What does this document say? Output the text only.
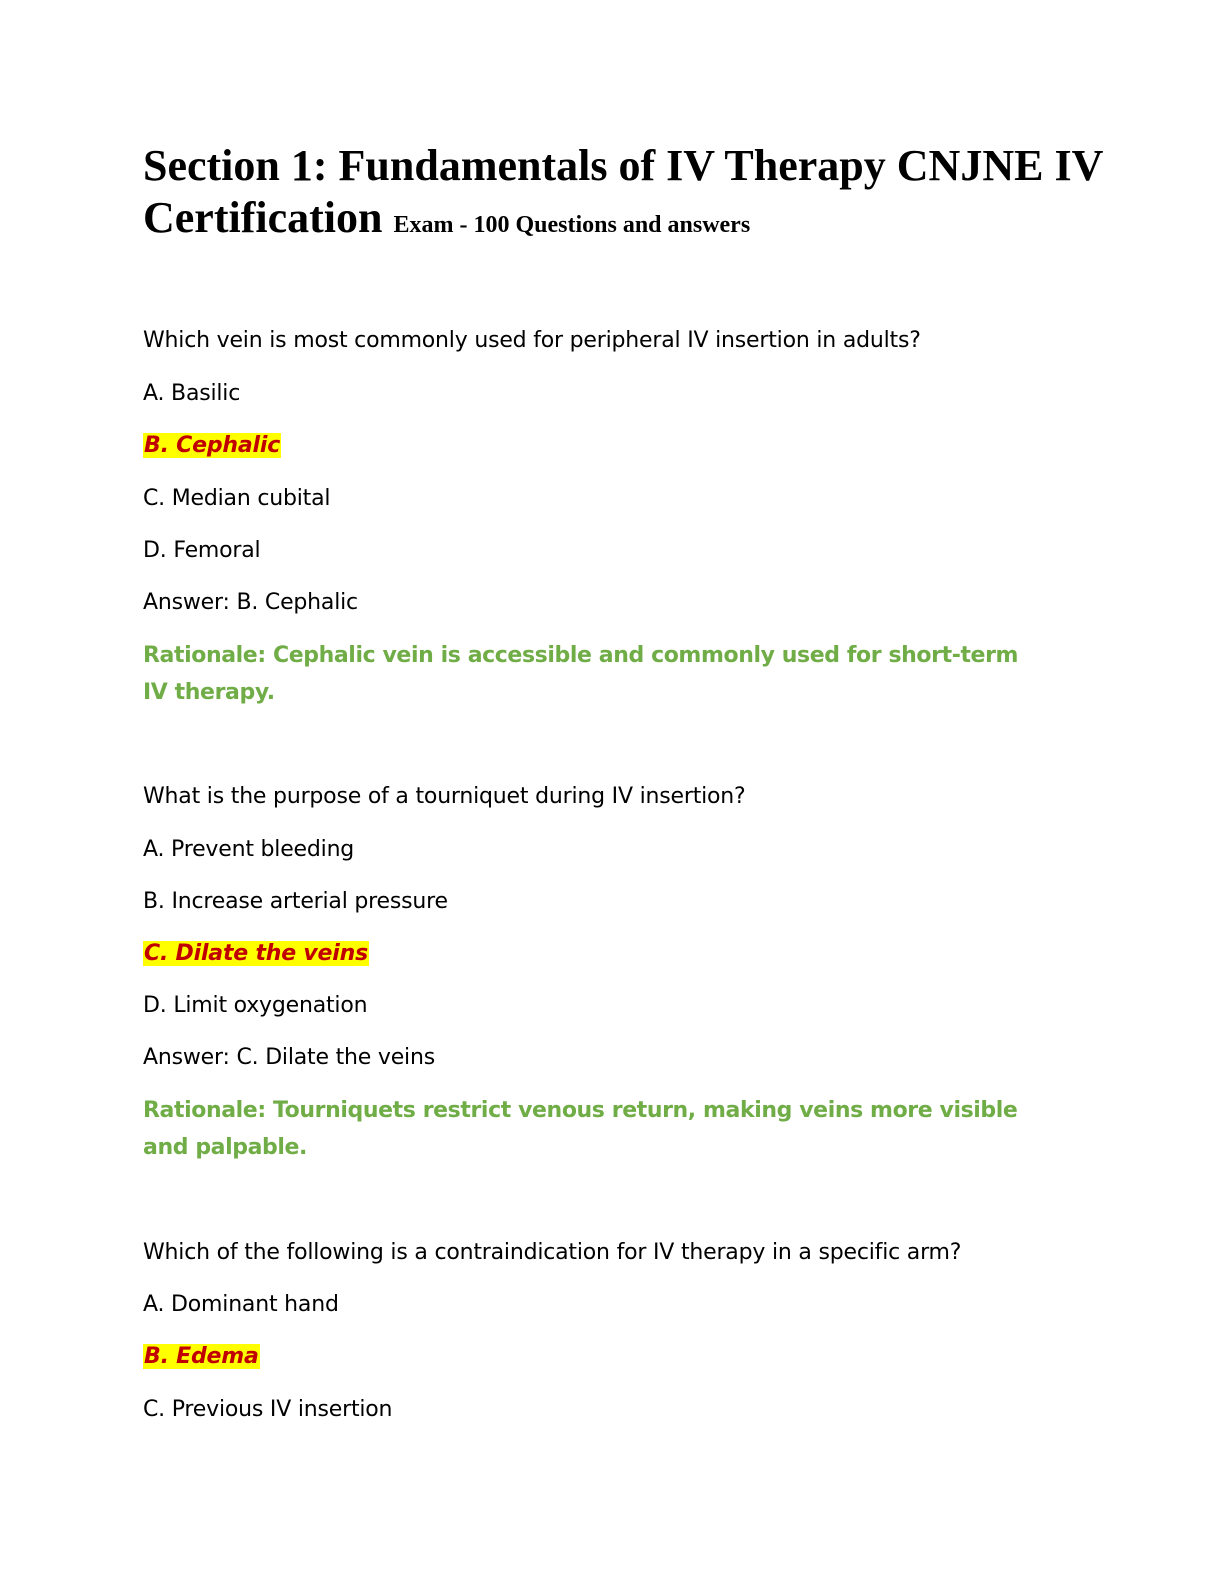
Section 1: Fundamentals of IV Therapy CNJNE IV Certification Exam - 100 Questions and answers
Which vein is most commonly used for peripheral IV insertion in adults?
A. Basilic
B. Cephalic
C. Median cubital
D. Femoral
Answer: B. Cephalic
Rationale: Cephalic vein is accessible and commonly used for short-term IV therapy.
What is the purpose of a tourniquet during IV insertion?
A. Prevent bleeding
B. Increase arterial pressure
C. Dilate the veins
D. Limit oxygenation
Answer: C. Dilate the veins
Rationale: Tourniquets restrict venous return, making veins more visible and palpable.
Which of the following is a contraindication for IV therapy in a specific arm?
A. Dominant hand
B. Edema
C. Previous IV insertion
